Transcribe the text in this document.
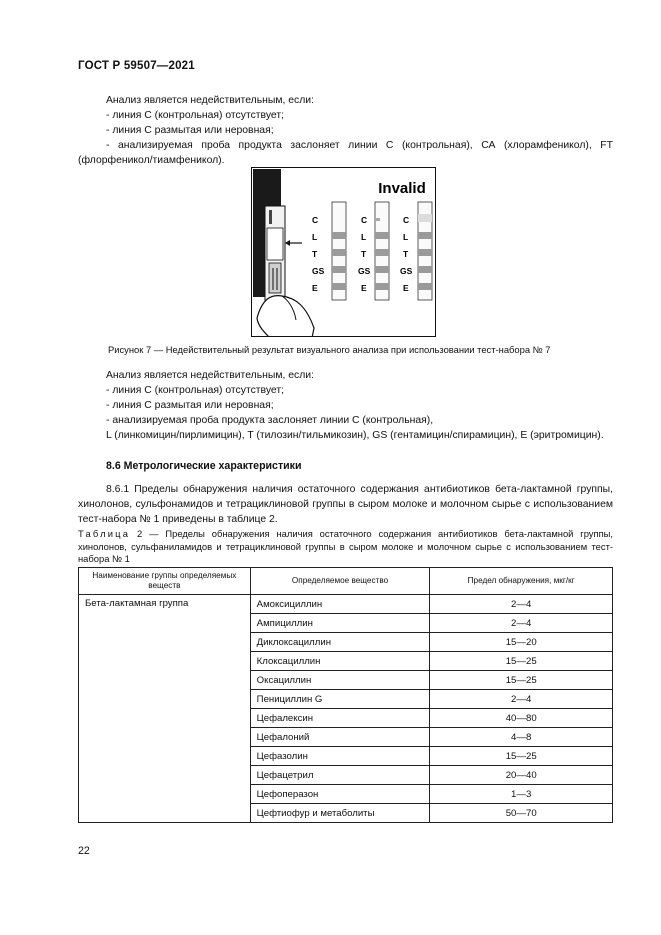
ГОСТ Р 59507—2021

Анализ является недействительным, если:

- линия С (контрольная) отсутствует;

- линия С размытая или неровная;

- анализируемая проба продукта заслоняет линии С (контрольная), СА (хлорамфеникол), FT (флорфеникол/тиамфеникол).

Invalid
C
L
T
GS
E
C
L
T
GS
E
C
L
T
GS
E
Рисунок 7 — Недействительный результат визуального анализа при использовании тест-набора № 7

Анализ является недействительным, если:

- линия С (контрольная) отсутствует;

- линия С размытая или неровная;

- анализируемая проба продукта заслоняет линии С (контрольная),

L (линкомицин/пирлимицин), T (тилозин/тильмикозин), GS (гентамицин/спирамицин), E (эритромицин).

8.6 Метрологические характеристики

8.6.1 Пределы обнаружения наличия остаточного содержания антибиотиков бета-лактамной группы, хинолонов, сульфонамидов и тетрациклиновой группы в сыром молоке и молочном сырье с использованием тест-набора № 1 приведены в таблице 2.

Таблица 2 — Пределы обнаружения наличия остаточного содержания антибиотиков бета-лактамной группы, хинолонов, сульфаниламидов и тетрациклиновой группы в сыром молоке и молочном сырье с использованием тест-набора № 1
Наименование группы определяемых веществ	Определяемое вещество	Предел обнаружения, мкг/кг
Бета-лактамная группа	Амоксициллин	2—4
	Ампициллин	2—4
	Диклоксациллин	15—20
	Клоксациллин	15—25
	Оксациллин	15—25
	Пенициллин G	2—4
	Цефалексин	40—80
	Цефалоний	4—8
	Цефазолин	15—25
	Цефацетрил	20—40
	Цефоперазон	1—3
	Цефтиофур и метаболиты	50—70
22
